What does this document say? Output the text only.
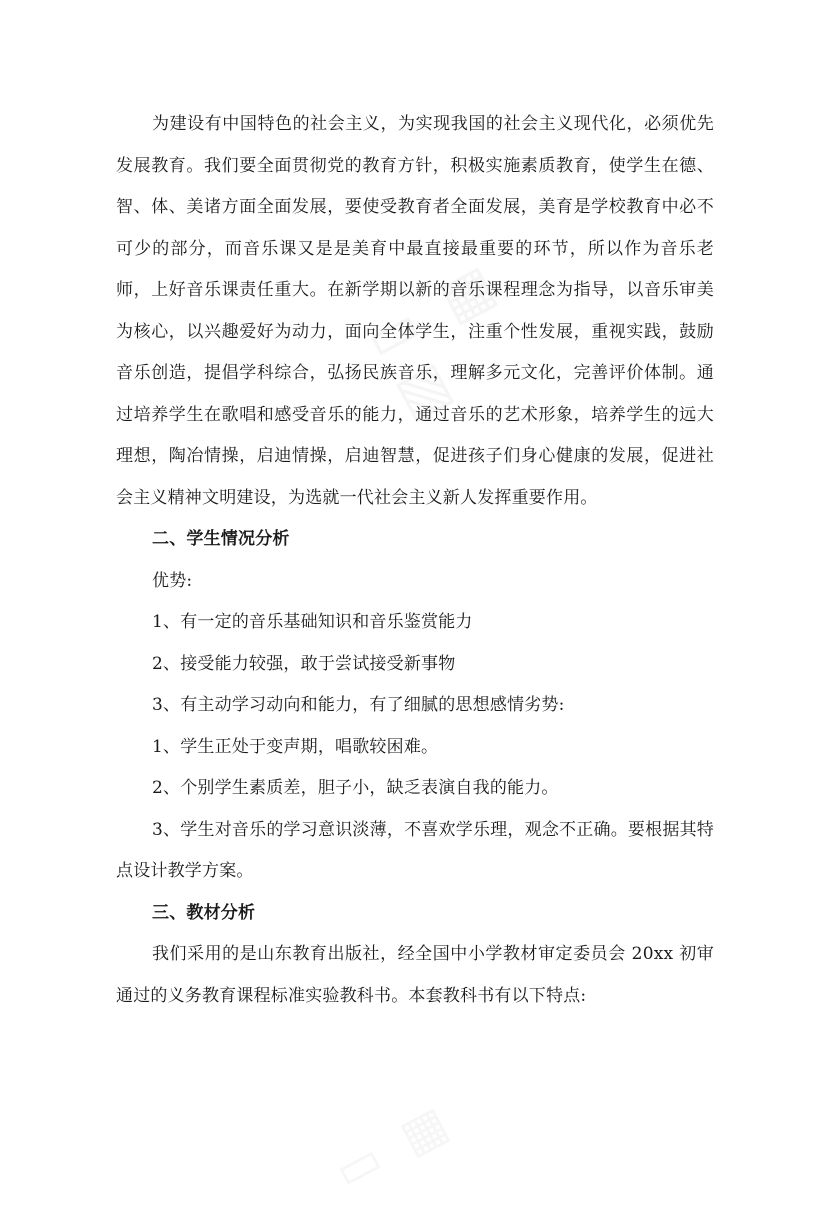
▭ ▦ ▧
▭ ▦

为建设有中国特色的社会主义，为实现我国的社会主义现代化，必须优先发展教育。我们要全面贯彻党的教育方针，积极实施素质教育，使学生在德、智、体、美诸方面全面发展，要使受教育者全面发展，美育是学校教育中必不可少的部分，而音乐课又是是美育中最直接最重要的环节，所以作为音乐老师，上好音乐课责任重大。在新学期以新的音乐课程理念为指导，以音乐审美为核心，以兴趣爱好为动力，面向全体学生，注重个性发展，重视实践，鼓励音乐创造，提倡学科综合，弘扬民族音乐，理解多元文化，完善评价体制。通过培养学生在歌唱和感受音乐的能力，通过音乐的艺术形象，培养学生的远大理想，陶冶情操，启迪情操，启迪智慧，促进孩子们身心健康的发展，促进社会主义精神文明建设，为选就一代社会主义新人发挥重要作用。

二、学生情况分析

优势:

1、有一定的音乐基础知识和音乐鉴赏能力

2、接受能力较强，敢于尝试接受新事物

3、有主动学习动向和能力，有了细腻的思想感情劣势:

1、学生正处于变声期，唱歌较困难。

2、个别学生素质差，胆子小，缺乏表演自我的能力。

3、学生对音乐的学习意识淡薄，不喜欢学乐理，观念不正确。要根据其特点设计教学方案。

三、教材分析

我们采用的是山东教育出版社，经全国中小学教材审定委员会 20xx 初审通过的义务教育课程标准实验教科书。本套教科书有以下特点:
